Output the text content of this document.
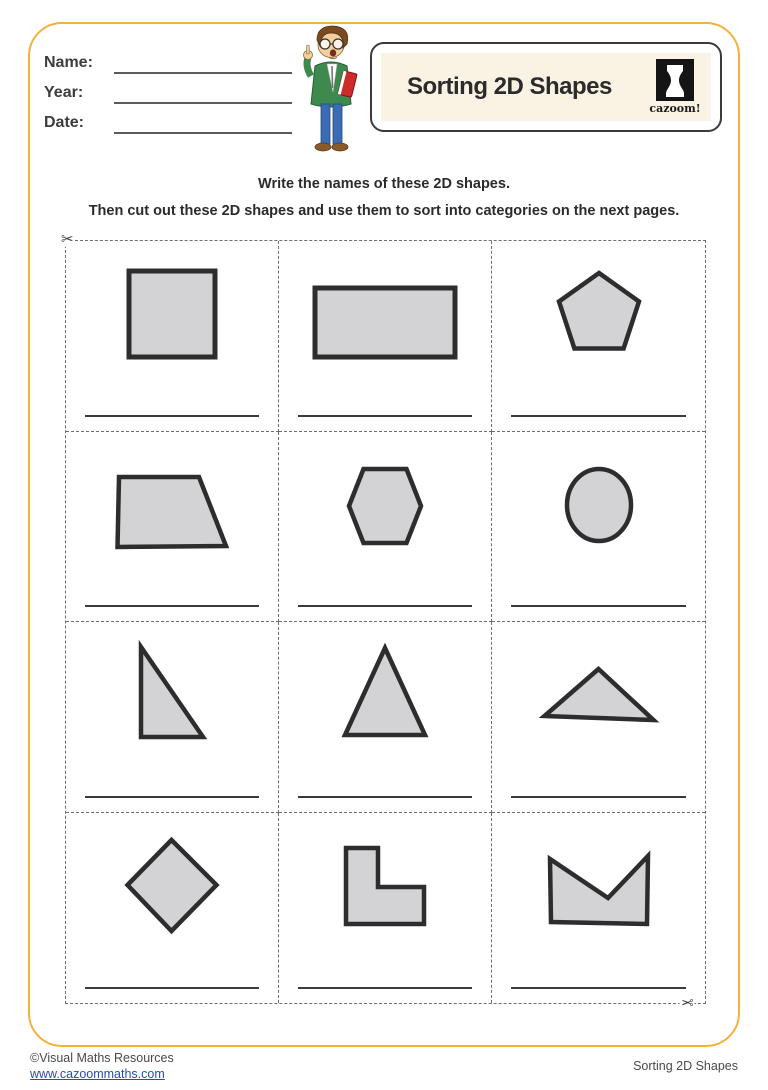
Name:
Year:
Date:
Sorting 2D Shapes
cazoom!
Write the names of these 2D shapes.
Then cut out these 2D shapes and use them to sort into categories on the next pages.
✂
✂
©Visual Maths Resources
www.cazoommaths.com
Sorting 2D Shapes
